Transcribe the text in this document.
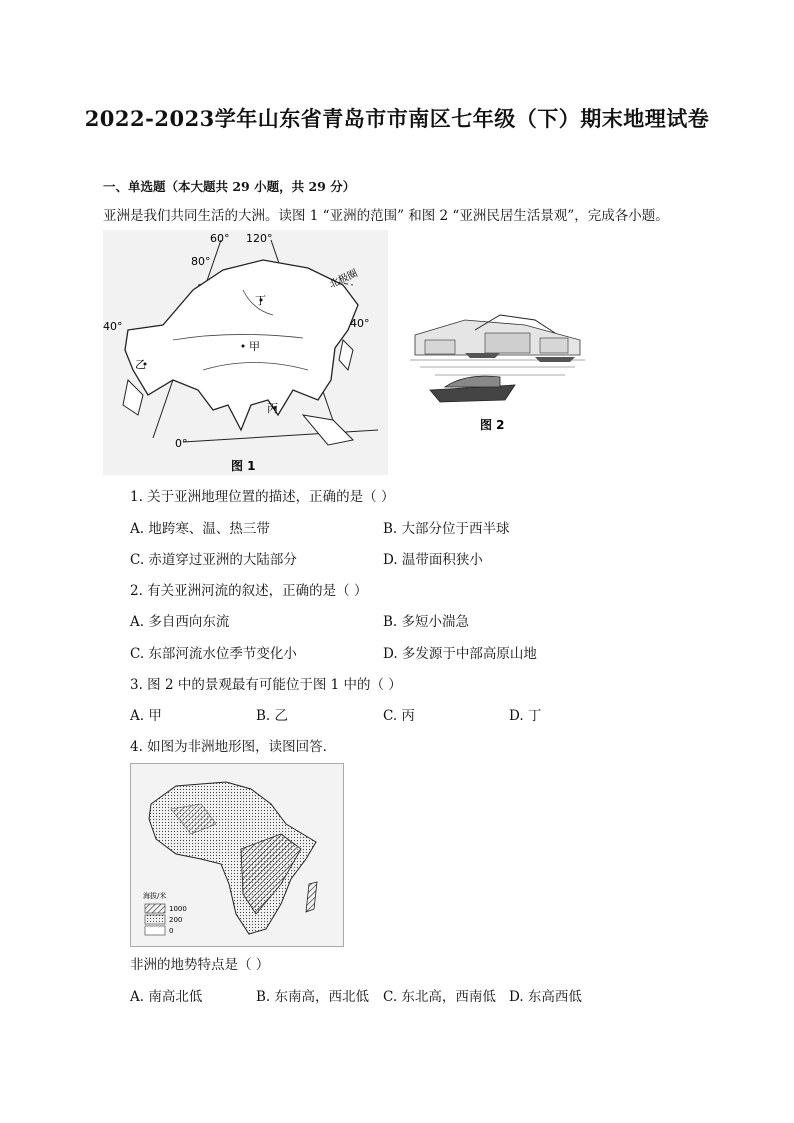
2022-2023学年山东省青岛市市南区七年级（下）期末地理试卷
一、单选题（本大题共 29 小题，共 29 分）
亚洲是我们共同生活的大洲。读图 1 “亚洲的范围” 和图 2 “亚洲民居生活景观”，完成各小题。
60° 120°
80°
40°	40°
0°
北极圈
甲
乙
丙
丁
图 1
图 2
1. 关于亚洲地理位置的描述，正确的是（ ）
A. 地跨寒、温、热三带	B. 大部分位于西半球
C. 赤道穿过亚洲的大陆部分	D. 温带面积狭小
2. 有关亚洲河流的叙述，正确的是（ ）
A. 多自西向东流	B. 多短小湍急
C. 东部河流水位季节变化小	D. 多发源于中部高原山地
3. 图 2 中的景观最有可能位于图 1 中的（ ）
A. 甲	B. 乙	C. 丙	D. 丁
4. 如图为非洲地形图，读图回答．
海拔/米
1000
200
0
非洲的地势特点是（ ）
A. 南高北低	B. 东南高，西北低 C. 东北高，西南低 D. 东高西低
